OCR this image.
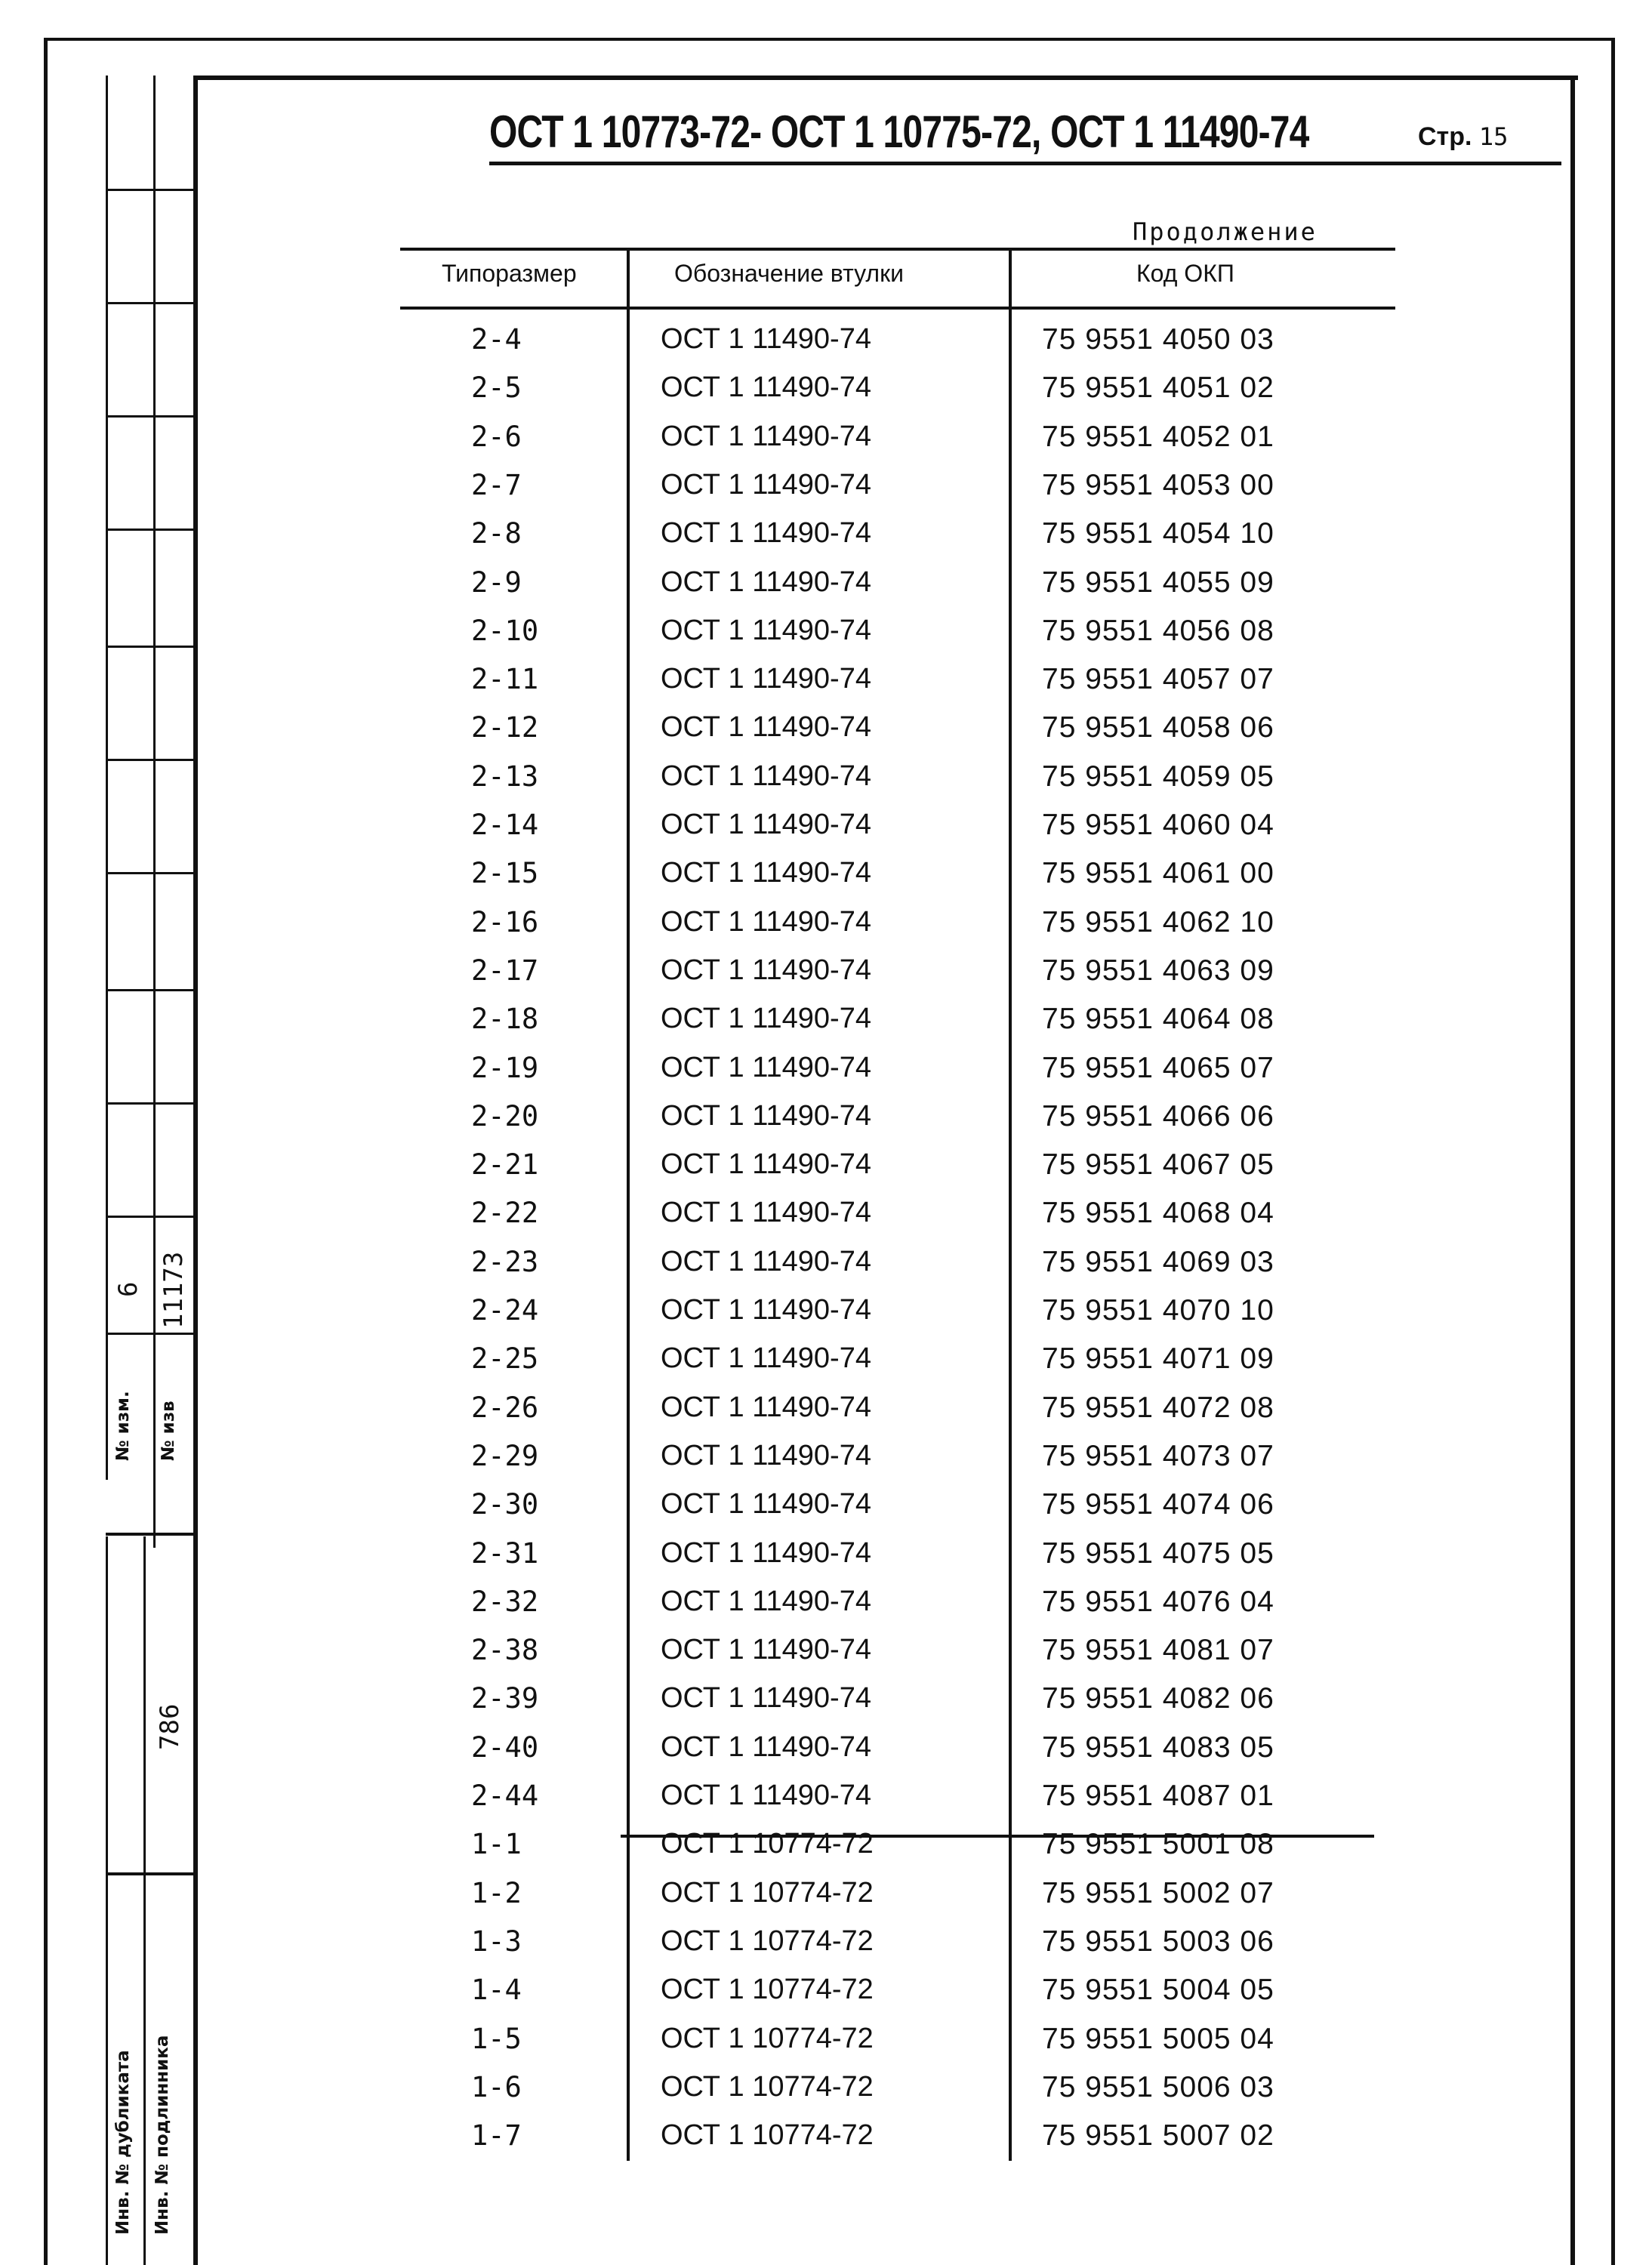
№ изм.
6
№ изв
11173
Инв. № дубликата Инв. № подлинника
786
ОСТ 1 10773-72- ОСТ 1 10775-72, ОСТ 1 11490-74	Стр. 15
Продолжение
Типоразмер	Обозначение втулки	Код ОКП
2-4	ОСТ 1 11490-74	75 9551 4050 03
2-5	ОСТ 1 11490-74	75 9551 4051 02
2-6	ОСТ 1 11490-74	75 9551 4052 01
2-7	ОСТ 1 11490-74	75 9551 4053 00
2-8	ОСТ 1 11490-74	75 9551 4054 10
2-9	ОСТ 1 11490-74	75 9551 4055 09
2-10	ОСТ 1 11490-74	75 9551 4056 08
2-11	ОСТ 1 11490-74	75 9551 4057 07
2-12	ОСТ 1 11490-74	75 9551 4058 06
2-13	ОСТ 1 11490-74	75 9551 4059 05
2-14	ОСТ 1 11490-74	75 9551 4060 04
2-15	ОСТ 1 11490-74	75 9551 4061 00
2-16	ОСТ 1 11490-74	75 9551 4062 10
2-17	ОСТ 1 11490-74	75 9551 4063 09
2-18	ОСТ 1 11490-74	75 9551 4064 08
2-19	ОСТ 1 11490-74	75 9551 4065 07
2-20	ОСТ 1 11490-74	75 9551 4066 06
2-21	ОСТ 1 11490-74	75 9551 4067 05
2-22	ОСТ 1 11490-74	75 9551 4068 04
2-23	ОСТ 1 11490-74	75 9551 4069 03
2-24	ОСТ 1 11490-74	75 9551 4070 10
2-25	ОСТ 1 11490-74	75 9551 4071 09
2-26	ОСТ 1 11490-74	75 9551 4072 08
2-29	ОСТ 1 11490-74	75 9551 4073 07
2-30	ОСТ 1 11490-74	75 9551 4074 06
2-31	ОСТ 1 11490-74	75 9551 4075 05
2-32	ОСТ 1 11490-74	75 9551 4076 04
2-38	ОСТ 1 11490-74	75 9551 4081 07
2-39	ОСТ 1 11490-74	75 9551 4082 06
2-40	ОСТ 1 11490-74	75 9551 4083 05
2-44	ОСТ 1 11490-74	75 9551 4087 01
1-1	ОСТ 1 10774-72	75 9551 5001 08
1-2	ОСТ 1 10774-72	75 9551 5002 07
1-3	ОСТ 1 10774-72	75 9551 5003 06
1-4	ОСТ 1 10774-72	75 9551 5004 05
1-5	ОСТ 1 10774-72	75 9551 5005 04
1-6	ОСТ 1 10774-72	75 9551 5006 03
1-7	ОСТ 1 10774-72	75 9551 5007 02
